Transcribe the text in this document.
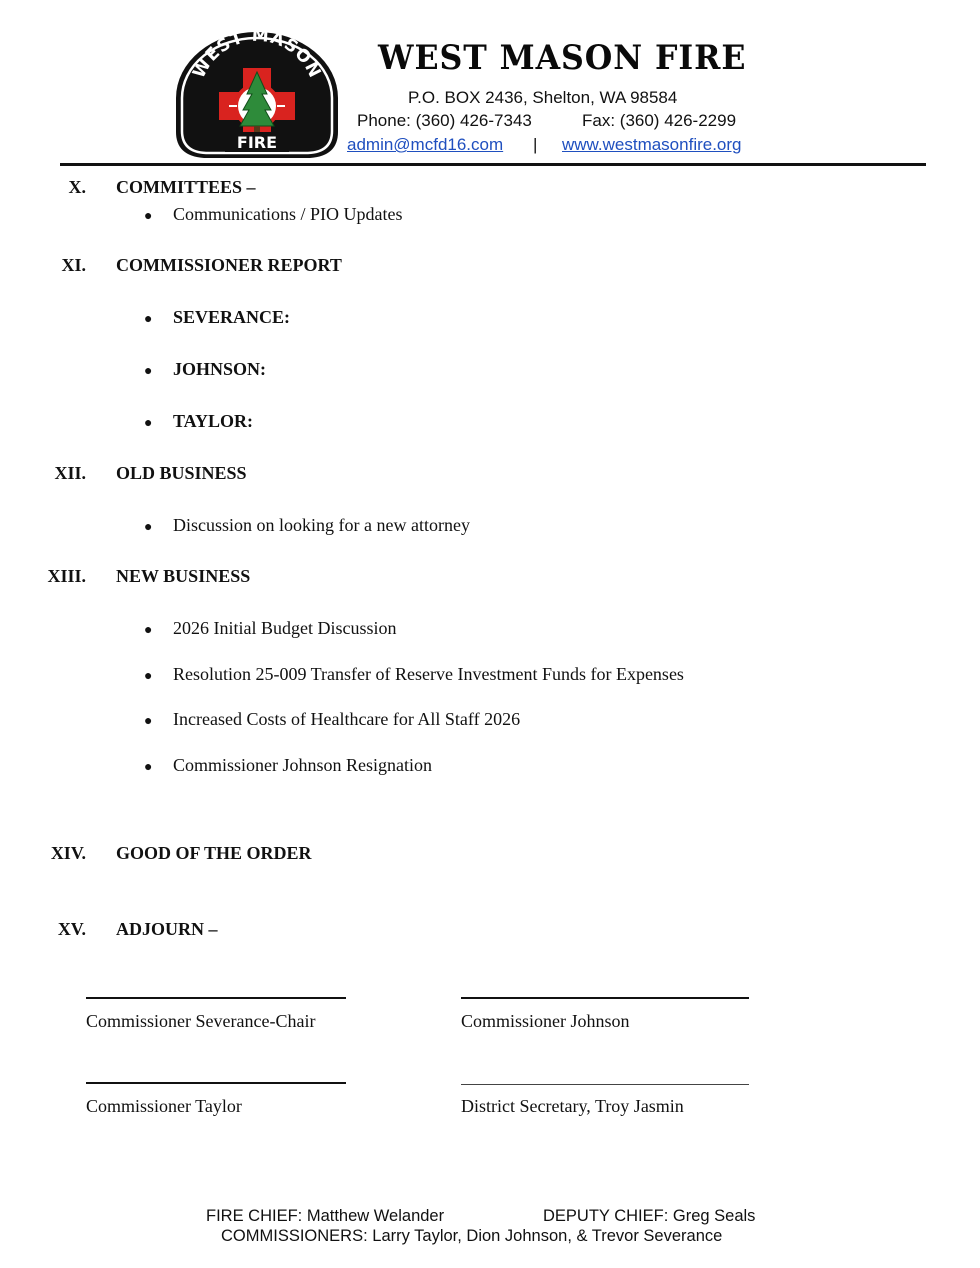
WEST MASON
FIRE
WEST MASON FIRE
P.O. BOX 2436, Shelton, WA 98584
Phone: (360) 426-7343	Fax: (360) 426-2299
admin@mcfd16.com | www.westmasonfire.org
X. COMMITTEES –
● Communications / PIO Updates
XI. COMMISSIONER REPORT
● SEVERANCE:
● JOHNSON:
● TAYLOR:
XII. OLD BUSINESS
● Discussion on looking for a new attorney
XIII. NEW BUSINESS
● 2026 Initial Budget Discussion
● Resolution 25-009 Transfer of Reserve Investment Funds for Expenses
● Increased Costs of Healthcare for All Staff 2026
● Commissioner Johnson Resignation
XIV. GOOD OF THE ORDER
XV. ADJOURN –
Commissioner Severance-Chair	Commissioner Johnson
Commissioner Taylor	District Secretary, Troy Jasmin
FIRE CHIEF: Matthew Welander	DEPUTY CHIEF: Greg Seals
COMMISSIONERS: Larry Taylor, Dion Johnson, & Trevor Severance
